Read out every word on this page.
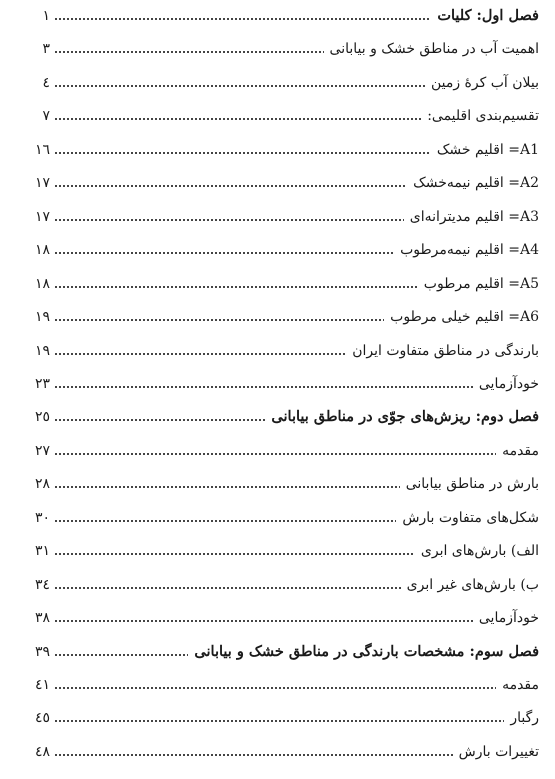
فصل اول: کلیات
١
اهمیت آب در مناطق خشک و بیابانی
٣
بیلان آب کرهٔ زمین
٤
تقسیم‌بندی اقلیمی:
٧
A1= اقلیم خشک
١٦
A2= اقلیم نیمه‌خشک
١٧
A3= اقلیم مدیترانه‌ای
١٧
A4= اقلیم نیمه‌مرطوب
١٨
A5= اقلیم مرطوب
١٨
A6= اقلیم خیلی مرطوب
١٩
بارندگی در مناطق متفاوت ایران
١٩
خودآزمایی
٢٣
فصل دوم: ریزش‌های جوّی در مناطق بیابانی
٢٥
مقدمه
٢٧
بارش در مناطق بیابانی
٢٨
شکل‌های متفاوت بارش
٣٠
الف) بارش‌های ابری
٣١
ب) بارش‌های غیر ابری
٣٤
خودآزمایی
٣٨
فصل سوم: مشخصات بارندگی در مناطق خشک و بیابانی
٣٩
مقدمه
٤١
رگبار
٤٥
تغییرات بارش
٤٨
